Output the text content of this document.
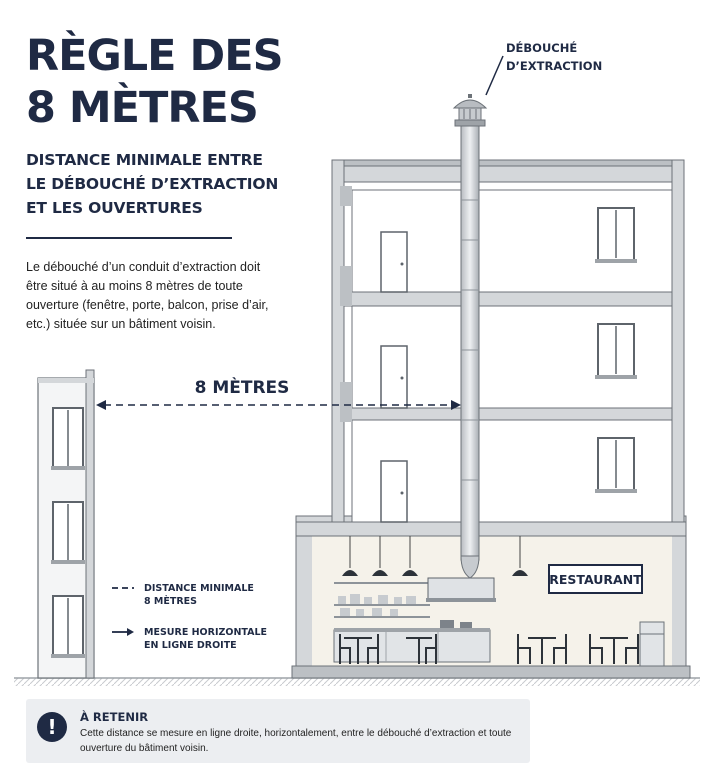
RÈGLE DES
8 MÈTRES
DISTANCE MINIMALE ENTRE
LE DÉBOUCHÉ D’EXTRACTION
ET LES OUVERTURES

Le débouché d’un conduit d’extraction doit être situé à au moins 8 mètres de toute ouverture (fenêtre, porte, balcon, prise d’air, etc.) située sur un bâtiment voisin.

RESTAURANT
DÉBOUCHÉ
D’EXTRACTION
8 MÈTRES
DISTANCE MINIMALE
8 MÈTRES
MESURE HORIZONTALE
EN LIGNE DROITE
!	À RETENIR
Cette distance se mesure en ligne droite, horizontalement, entre le débouché d’extraction et toute ouverture du bâtiment voisin.
